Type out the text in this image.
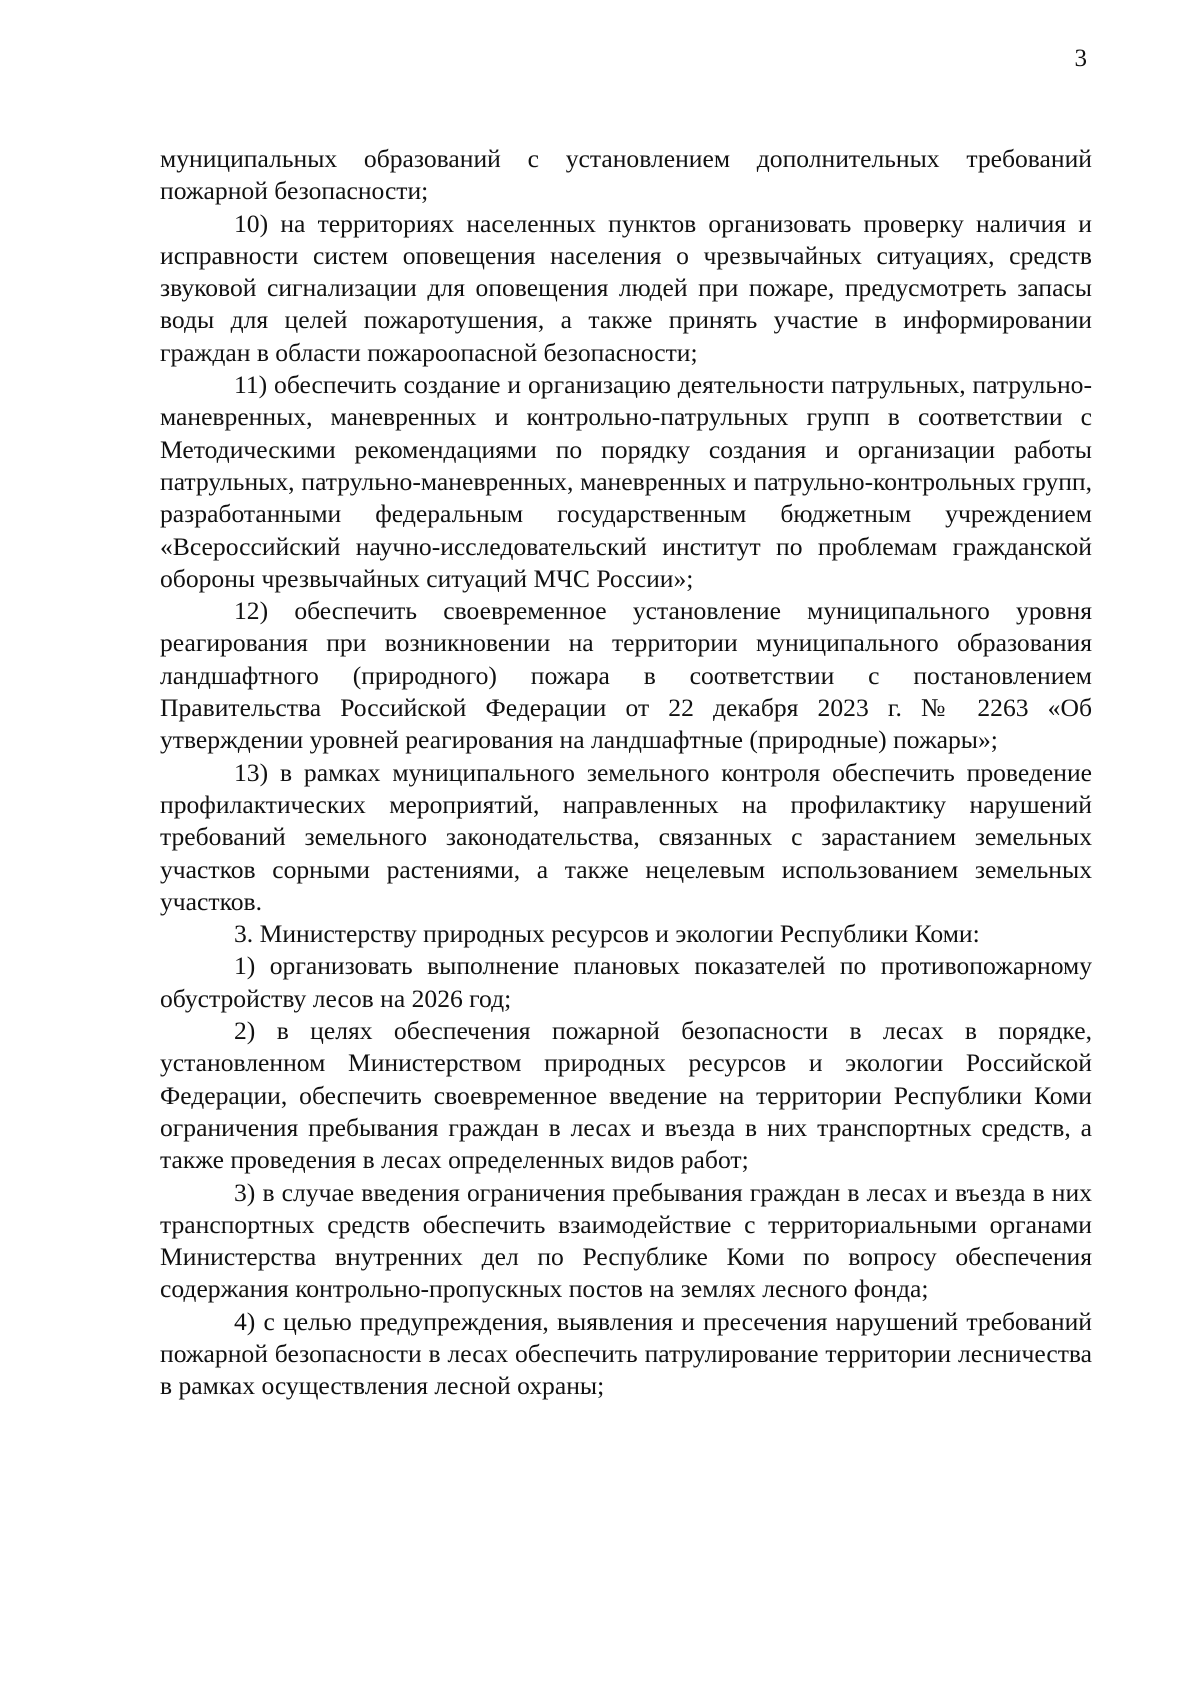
3

муниципальных образований с установлением дополнительных требований пожарной безопасности;

10) на территориях населенных пунктов организовать проверку наличия и исправности систем оповещения населения о чрезвычайных ситуациях, средств звуковой сигнализации для оповещения людей при пожаре, предусмотреть запасы воды для целей пожаротушения, а также принять участие в информировании граждан в области пожароопасной безопасности;

11) обеспечить создание и организацию деятельности патрульных, патрульно-маневренных, маневренных и контрольно-патрульных групп в соответствии с Методическими рекомендациями по порядку создания и организации работы патрульных, патрульно-маневренных, маневренных и патрульно-контрольных групп, разработанными федеральным государственным бюджетным учреждением «Всероссийский научно-исследовательский институт по проблемам гражданской обороны чрезвычайных ситуаций МЧС России»;

12) обеспечить своевременное установление муниципального уровня реагирования при возникновении на территории муниципального образования ландшафтного (природного) пожара в соответствии с постановлением Правительства Российской Федерации от 22 декабря 2023 г. № 2263 «Об утверждении уровней реагирования на ландшафтные (природные) пожары»;

13) в рамках муниципального земельного контроля обеспечить проведение профилактических мероприятий, направленных на профилактику нарушений требований земельного законодательства, связанных с зарастанием земельных участков сорными растениями, а также нецелевым использованием земельных участков.

3. Министерству природных ресурсов и экологии Республики Коми:

1) организовать выполнение плановых показателей по противопожарному обустройству лесов на 2026 год;

2) в целях обеспечения пожарной безопасности в лесах в порядке, установленном Министерством природных ресурсов и экологии Российской Федерации, обеспечить своевременное введение на территории Республики Коми ограничения пребывания граждан в лесах и въезда в них транспортных средств, а также проведения в лесах определенных видов работ;

3) в случае введения ограничения пребывания граждан в лесах и въезда в них транспортных средств обеспечить взаимодействие с территориальными органами Министерства внутренних дел по Республике Коми по вопросу обеспечения содержания контрольно-пропускных постов на землях лесного фонда;

4) с целью предупреждения, выявления и пресечения нарушений требований пожарной безопасности в лесах обеспечить патрулирование территории лесничества в рамках осуществления лесной охраны;
